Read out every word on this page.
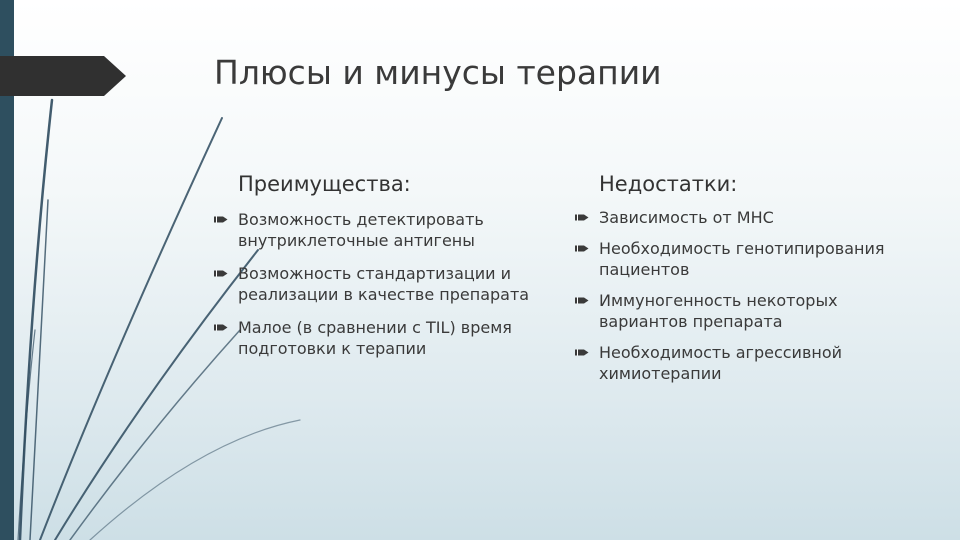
Плюсы и минусы терапии
Преимущества:
Возможность детектировать внутриклеточные антигены
Возможность стандартизации и реализации в качестве препарата
Малое (в сравнении с TIL) время подготовки к терапии
Недостатки:
Зависимость от MHC
Необходимость генотипирования пациентов
Иммуногенность некоторых вариантов препарата
Необходимость агрессивной химиотерапии
